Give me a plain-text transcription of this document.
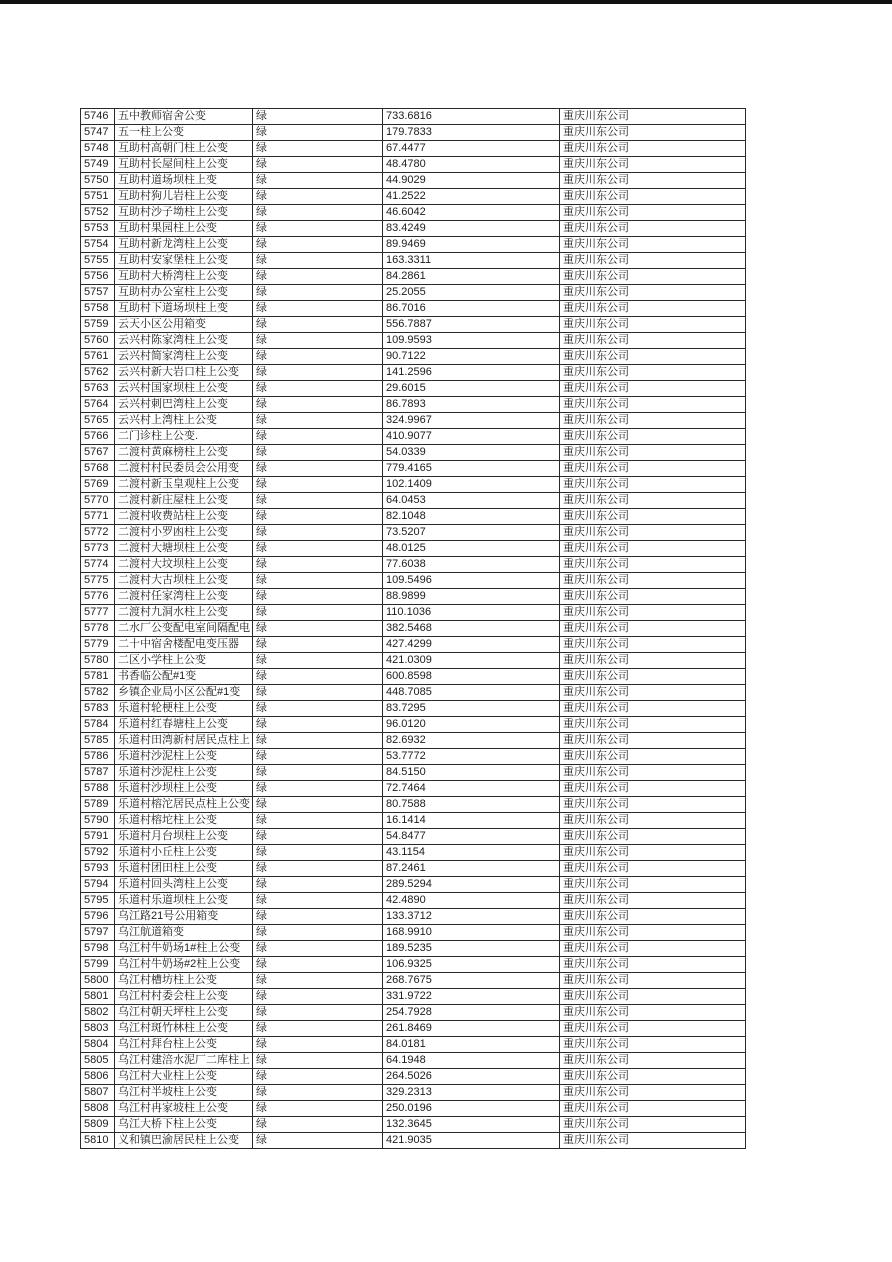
5746	五中教师宿舍公变	绿	733.6816	重庆川东公司
5747	五一柱上公变	绿	179.7833	重庆川东公司
5748	互助村高朝门柱上公变	绿	67.4477	重庆川东公司
5749	互助村长屋间柱上公变	绿	48.4780	重庆川东公司
5750	互助村道场坝柱上变	绿	44.9029	重庆川东公司
5751	互助村狗儿岩柱上公变	绿	41.2522	重庆川东公司
5752	互助村沙子坳柱上公变	绿	46.6042	重庆川东公司
5753	互助村果园柱上公变	绿	83.4249	重庆川东公司
5754	互助村新龙湾柱上公变	绿	89.9469	重庆川东公司
5755	互助村安家堡柱上公变	绿	163.3311	重庆川东公司
5756	互助村大桥湾柱上公变	绿	84.2861	重庆川东公司
5757	互助村办公室柱上公变	绿	25.2055	重庆川东公司
5758	互助村下道场坝柱上变	绿	86.7016	重庆川东公司
5759	云天小区公用箱变	绿	556.7887	重庆川东公司
5760	云兴村陈家湾柱上公变	绿	109.9593	重庆川东公司
5761	云兴村简家湾柱上公变	绿	90.7122	重庆川东公司
5762	云兴村新大岩口柱上公变	绿	141.2596	重庆川东公司
5763	云兴村国家坝柱上公变	绿	29.6015	重庆川东公司
5764	云兴村刺巴湾柱上公变	绿	86.7893	重庆川东公司
5765	云兴村上湾柱上公变	绿	324.9967	重庆川东公司
5766	二门诊柱上公变.	绿	410.9077	重庆川东公司
5767	二渡村黄麻榜柱上公变	绿	54.0339	重庆川东公司
5768	二渡村村民委员会公用变	绿	779.4165	重庆川东公司
5769	二渡村新玉皇观柱上公变	绿	102.1409	重庆川东公司
5770	二渡村新庄屋柱上公变	绿	64.0453	重庆川东公司
5771	二渡村收费站柱上公变	绿	82.1048	重庆川东公司
5772	二渡村小罗凼柱上公变	绿	73.5207	重庆川东公司
5773	二渡村大塘坝柱上公变	绿	48.0125	重庆川东公司
5774	二渡村大坟坝柱上公变	绿	77.6038	重庆川东公司
5775	二渡村大古坝柱上公变	绿	109.5496	重庆川东公司
5776	二渡村任家湾柱上公变	绿	88.9899	重庆川东公司
5777	二渡村九洞水柱上公变	绿	110.1036	重庆川东公司
5778	二水厂公变配电室间隔配电	绿	382.5468	重庆川东公司
5779	二十中宿舍楼配电变压器	绿	427.4299	重庆川东公司
5780	二区小学柱上公变	绿	421.0309	重庆川东公司
5781	书香临公配#1变	绿	600.8598	重庆川东公司
5782	乡镇企业局小区公配#1变	绿	448.7085	重庆川东公司
5783	乐道村轮梗柱上公变	绿	83.7295	重庆川东公司
5784	乐道村红春塘柱上公变	绿	96.0120	重庆川东公司
5785	乐道村田湾新村居民点柱上	绿	82.6932	重庆川东公司
5786	乐道村沙泥柱上公变	绿	53.7772	重庆川东公司
5787	乐道村沙泥柱上公变	绿	84.5150	重庆川东公司
5788	乐道村沙坝柱上公变	绿	72.7464	重庆川东公司
5789	乐道村榕沱居民点柱上公变	绿	80.7588	重庆川东公司
5790	乐道村榕坨柱上公变	绿	16.1414	重庆川东公司
5791	乐道村月台坝柱上公变	绿	54.8477	重庆川东公司
5792	乐道村小丘柱上公变	绿	43.1154	重庆川东公司
5793	乐道村团田柱上公变	绿	87.2461	重庆川东公司
5794	乐道村回头湾柱上公变	绿	289.5294	重庆川东公司
5795	乐道村乐道坝柱上公变	绿	42.4890	重庆川东公司
5796	乌江路21号公用箱变	绿	133.3712	重庆川东公司
5797	乌江航道箱变	绿	168.9910	重庆川东公司
5798	乌江村牛奶场1#柱上公变	绿	189.5235	重庆川东公司
5799	乌江村牛奶场#2柱上公变	绿	106.9325	重庆川东公司
5800	乌江村槽坊柱上公变	绿	268.7675	重庆川东公司
5801	乌江村村委会柱上公变	绿	331.9722	重庆川东公司
5802	乌江村朝天坪柱上公变	绿	254.7928	重庆川东公司
5803	乌江村斑竹林柱上公变	绿	261.8469	重庆川东公司
5804	乌江村拜台柱上公变	绿	84.0181	重庆川东公司
5805	乌江村建涪水泥厂二库柱上	绿	64.1948	重庆川东公司
5806	乌江村大业柱上公变	绿	264.5026	重庆川东公司
5807	乌江村半坡柱上公变	绿	329.2313	重庆川东公司
5808	乌江村冉家坡柱上公变	绿	250.0196	重庆川东公司
5809	乌江大桥下柱上公变	绿	132.3645	重庆川东公司
5810	义和镇巴渝居民柱上公变	绿	421.9035	重庆川东公司
